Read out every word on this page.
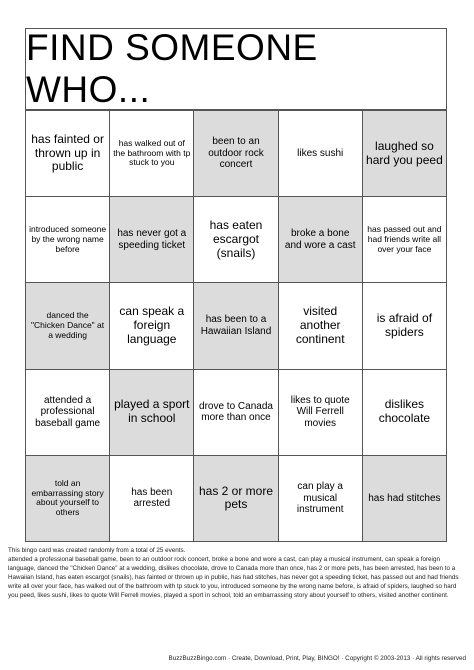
FIND SOMEONE WHO...
has fainted or thrown up in public
has walked out of the bathroom with tp stuck to you
been to an outdoor rock concert
likes sushi
laughed so hard you peed
introduced someone by the wrong name before
has never got a speeding ticket
has eaten escargot (snails)
broke a bone and wore a cast
has passed out and had friends write all over your face
danced the "Chicken Dance" at a wedding
can speak a foreign language
has been to a Hawaiian Island
visited another continent
is afraid of spiders
attended a professional baseball game
played a sport in school
drove to Canada more than once
likes to quote Will Ferrell movies
dislikes chocolate
told an embarrassing story about yourself to others
has been arrested
has 2 or more pets
can play a musical instrument
has had stitches
This bingo card was created randomly from a total of 25 events.
attended a professional baseball game, been to an outdoor rock concert, broke a bone and wore a cast, can play a musical instrument, can speak a foreign language, danced the "Chicken Dance" at a wedding, dislikes chocolate, drove to Canada more than once, has 2 or more pets, has been arrested, has been to a Hawaiian Island, has eaten escargot (snails), has fainted or thrown up in public, has had stitches, has never got a speeding ticket, has passed out and had friends write all over your face, has walked out of the bathroom with tp stuck to you, introduced someone by the wrong name before, is afraid of spiders, laughed so hard you peed, likes sushi, likes to quote Will Ferrell movies, played a sport in school, told an embarrassing story about yourself to others, visited another continent.
BuzzBuzzBingo.com · Create, Download, Print, Play, BINGO! · Copyright © 2003-2013 · All rights reserved
